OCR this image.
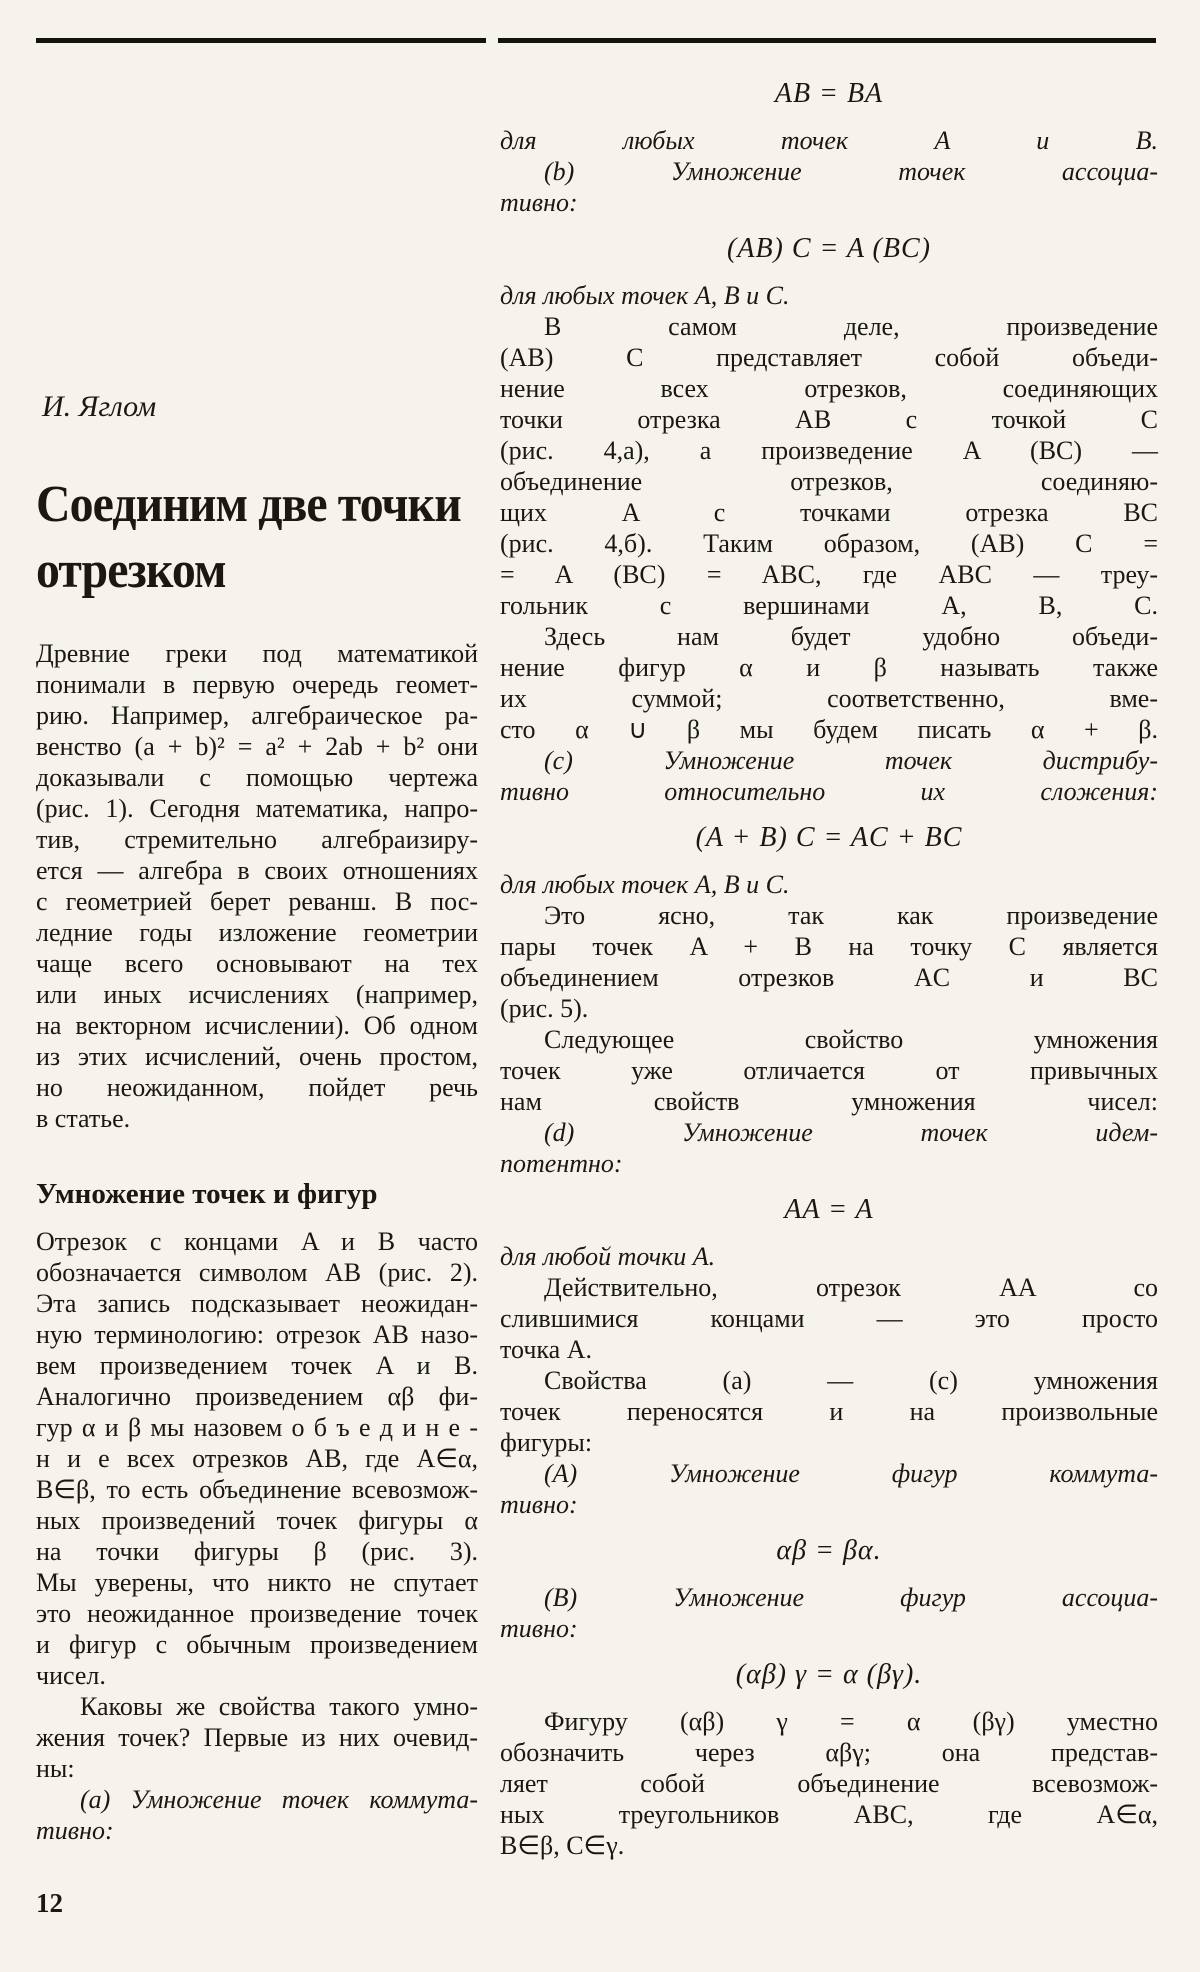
И. Яглом
Соединим две точки
отрезком
Древние греки под математикой
понимали в первую очередь геомет-
рию. Например, алгебраическое ра-
венство (a + b)² = a² + 2ab + b² они
доказывали с помощью чертежа
(рис. 1). Сегодня математика, напро-
тив, стремительно алгебраизиру-
ется — алгебра в своих отношениях
с геометрией берет реванш. В пос-
ледние годы изложение геометрии
чаще всего основывают на тех
или иных исчислениях (например,
на векторном исчислении). Об одном
из этих исчислений, очень простом,
но неожиданном, пойдет речь
в статье.
Умножение точек и фигур
Отрезок с концами A и B часто
обозначается символом AB (рис. 2).
Эта запись подсказывает неожидан-
ную терминологию: отрезок AB назо-
вем произведением точек A и B.
Аналогично произведением αβ фи-
гур α и β мы назовем о б ъ е д и н е -
н и е всех отрезков AB, где A∈α,
B∈β, то есть объединение всевозмож-
ных произведений точек фигуры α
на точки фигуры β (рис. 3).
Мы уверены, что никто не спутает
это неожиданное произведение точек
и фигур с обычным произведением
чисел.
Каковы же свойства такого умно-
жения точек? Первые из них очевид-
ны:
(а) Умножение точек коммута-
тивно:
AB = BA
для любых точек A и B.
(b) Умножение точек ассоциа-
тивно:
(AB) C = A (BC)
для любых точек A, B и C.
В самом деле, произведение
(AB) C представляет собой объеди-
нение всех отрезков, соединяющих
точки отрезка AB с точкой C
(рис. 4,а), а произведение A (BC) —
объединение отрезков, соединяю-
щих A с точками отрезка BC
(рис. 4,б). Таким образом, (AB) C =
= A (BC) = ABC, где ABC — треу-
гольник с вершинами A, B, C.
Здесь нам будет удобно объеди-
нение фигур α и β называть также
их суммой; соответственно, вме-
сто α ∪ β мы будем писать α + β.
(c) Умножение точек дистрибу-
тивно относительно их сложения:
(A + B) C = AC + BC
для любых точек A, B и C.
Это ясно, так как произведение
пары точек A + B на точку C является
объединением отрезков AC и BC
(рис. 5).
Следующее свойство умножения
точек уже отличается от привычных
нам свойств умножения чисел:
(d) Умножение точек идем-
потентно:
AA = A
для любой точки A.
Действительно, отрезок AA со
слившимися концами — это просто
точка A.
Свойства (a) — (c) умножения
точек переносятся и на произвольные
фигуры:
(A) Умножение фигур коммута-
тивно:
αβ = βα.
(B) Умножение фигур ассоциа-
тивно:
(αβ) γ = α (βγ).
Фигуру (αβ) γ = α (βγ) уместно
обозначить через αβγ; она представ-
ляет собой объединение всевозмож-
ных треугольников ABC, где A∈α,
B∈β, C∈γ.
12
